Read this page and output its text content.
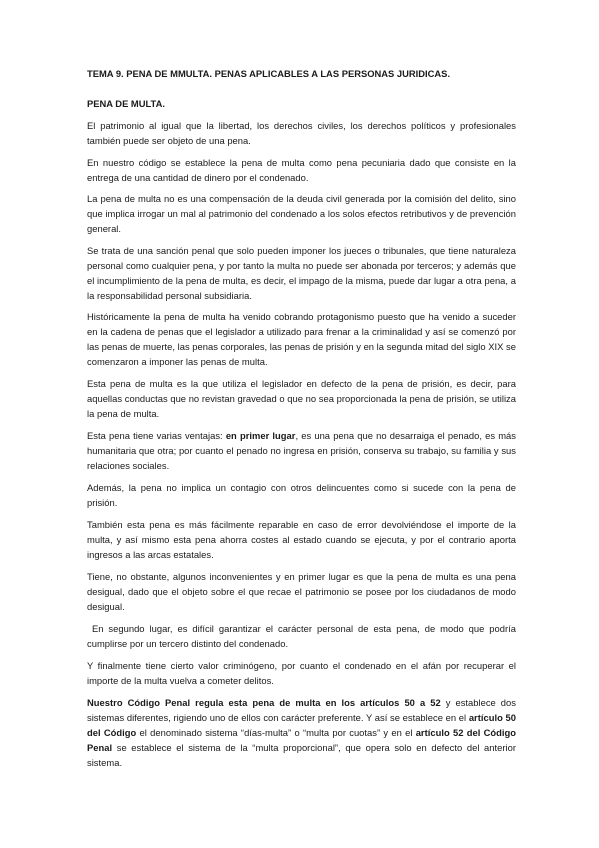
TEMA 9. PENA DE MMULTA. PENAS APLICABLES A LAS PERSONAS JURIDICAS.

PENA DE MULTA.

El patrimonio al igual que la libertad, los derechos civiles, los derechos políticos y profesionales también puede ser objeto de una pena.

En nuestro código se establece la pena de multa como pena pecuniaria dado que consiste en la entrega de una cantidad de dinero por el condenado.

La pena de multa no es una compensación de la deuda civil generada por la comisión del delito, sino que implica irrogar un mal al patrimonio del condenado a los solos efectos retributivos y de prevención general.

Se trata de una sanción penal que solo pueden imponer los jueces o tribunales, que tiene naturaleza personal como cualquier pena, y por tanto la multa no puede ser abonada por terceros; y además que el incumplimiento de la pena de multa, es decir, el impago de la misma, puede dar lugar a otra pena, a la responsabilidad personal subsidiaria.

Históricamente la pena de multa ha venido cobrando protagonismo puesto que ha venido a suceder en la cadena de penas que el legislador a utilizado para frenar a la criminalidad y así se comenzó por las penas de muerte, las penas corporales, las penas de prisión y en la segunda mitad del siglo XIX se comenzaron a imponer las penas de multa.

Esta pena de multa es la que utiliza el legislador en defecto de la pena de prisión, es decir, para aquellas conductas que no revistan gravedad o que no sea proporcionada la pena de prisión, se utiliza la pena de multa.

Esta pena tiene varias ventajas: en primer lugar, es una pena que no desarraiga el penado, es más humanitaria que otra; por cuanto el penado no ingresa en prisión, conserva su trabajo, su familia y sus relaciones sociales.

Además, la pena no implica un contagio con otros delincuentes como si sucede con la pena de prisión.

También esta pena es más fácilmente reparable en caso de error devolviéndose el importe de la multa, y así mismo esta pena ahorra costes al estado cuando se ejecuta, y por el contrario aporta ingresos a las arcas estatales.

Tiene, no obstante, algunos inconvenientes y en primer lugar es que la pena de multa es una pena desigual, dado que el objeto sobre el que recae el patrimonio se posee por los ciudadanos de modo desigual.

En segundo lugar, es difícil garantizar el carácter personal de esta pena, de modo que podría cumplirse por un tercero distinto del condenado.

Y finalmente tiene cierto valor criminógeno, por cuanto el condenado en el afán por recuperar el importe de la multa vuelva a cometer delitos.

Nuestro Código Penal regula esta pena de multa en los artículos 50 a 52 y establece dos sistemas diferentes, rigiendo uno de ellos con carácter preferente. Y así se establece en el artículo 50 del Código el denominado sistema “días-multa” o “multa por cuotas” y en el artículo 52 del Código Penal se establece el sistema de la “multa proporcional”, que opera solo en defecto del anterior sistema.
